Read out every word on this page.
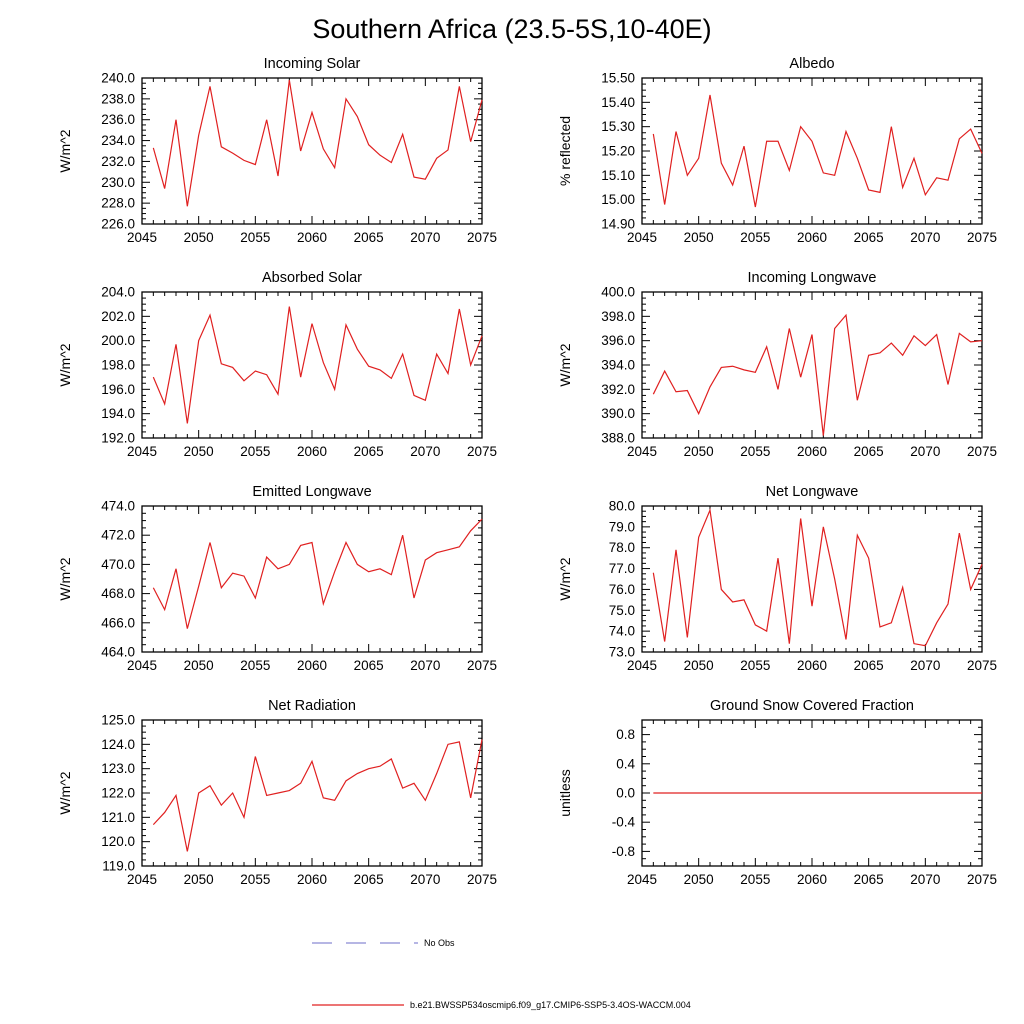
Southern Africa (23.5-5S,10-40E)
Incoming Solar
W/m^2
2045 2050 2055 2060 2065 2070 2075
226.0
228.0
230.0
232.0
234.0
236.0
238.0
240.0
Albedo
% reflected
2045 2050 2055 2060 2065 2070 2075
14.90
15.00
15.10
15.20
15.30
15.40
15.50
Absorbed Solar
W/m^2
2045 2050 2055 2060 2065 2070 2075
192.0
194.0
196.0
198.0
200.0
202.0
204.0
Incoming Longwave
W/m^2
2045 2050 2055 2060 2065 2070 2075
388.0
390.0
392.0
394.0
396.0
398.0
400.0
Emitted Longwave
W/m^2
2045 2050 2055 2060 2065 2070 2075
464.0
466.0
468.0
470.0
472.0
474.0
Net Longwave
W/m^2
2045 2050 2055 2060 2065 2070 2075
73.0
74.0
75.0
76.0
77.0
78.0
79.0
80.0
Net Radiation
W/m^2
2045 2050 2055 2060 2065 2070 2075
119.0
120.0
121.0
122.0
123.0
124.0
125.0
Ground Snow Covered Fraction
unitless
2045 2050 2055 2060 2065 2070 2075
-0.8
-0.4
0.0
0.4
0.8
No Obs
b.e21.BWSSP534oscmip6.f09_g17.CMIP6-SSP5-3.4OS-WACCM.004
